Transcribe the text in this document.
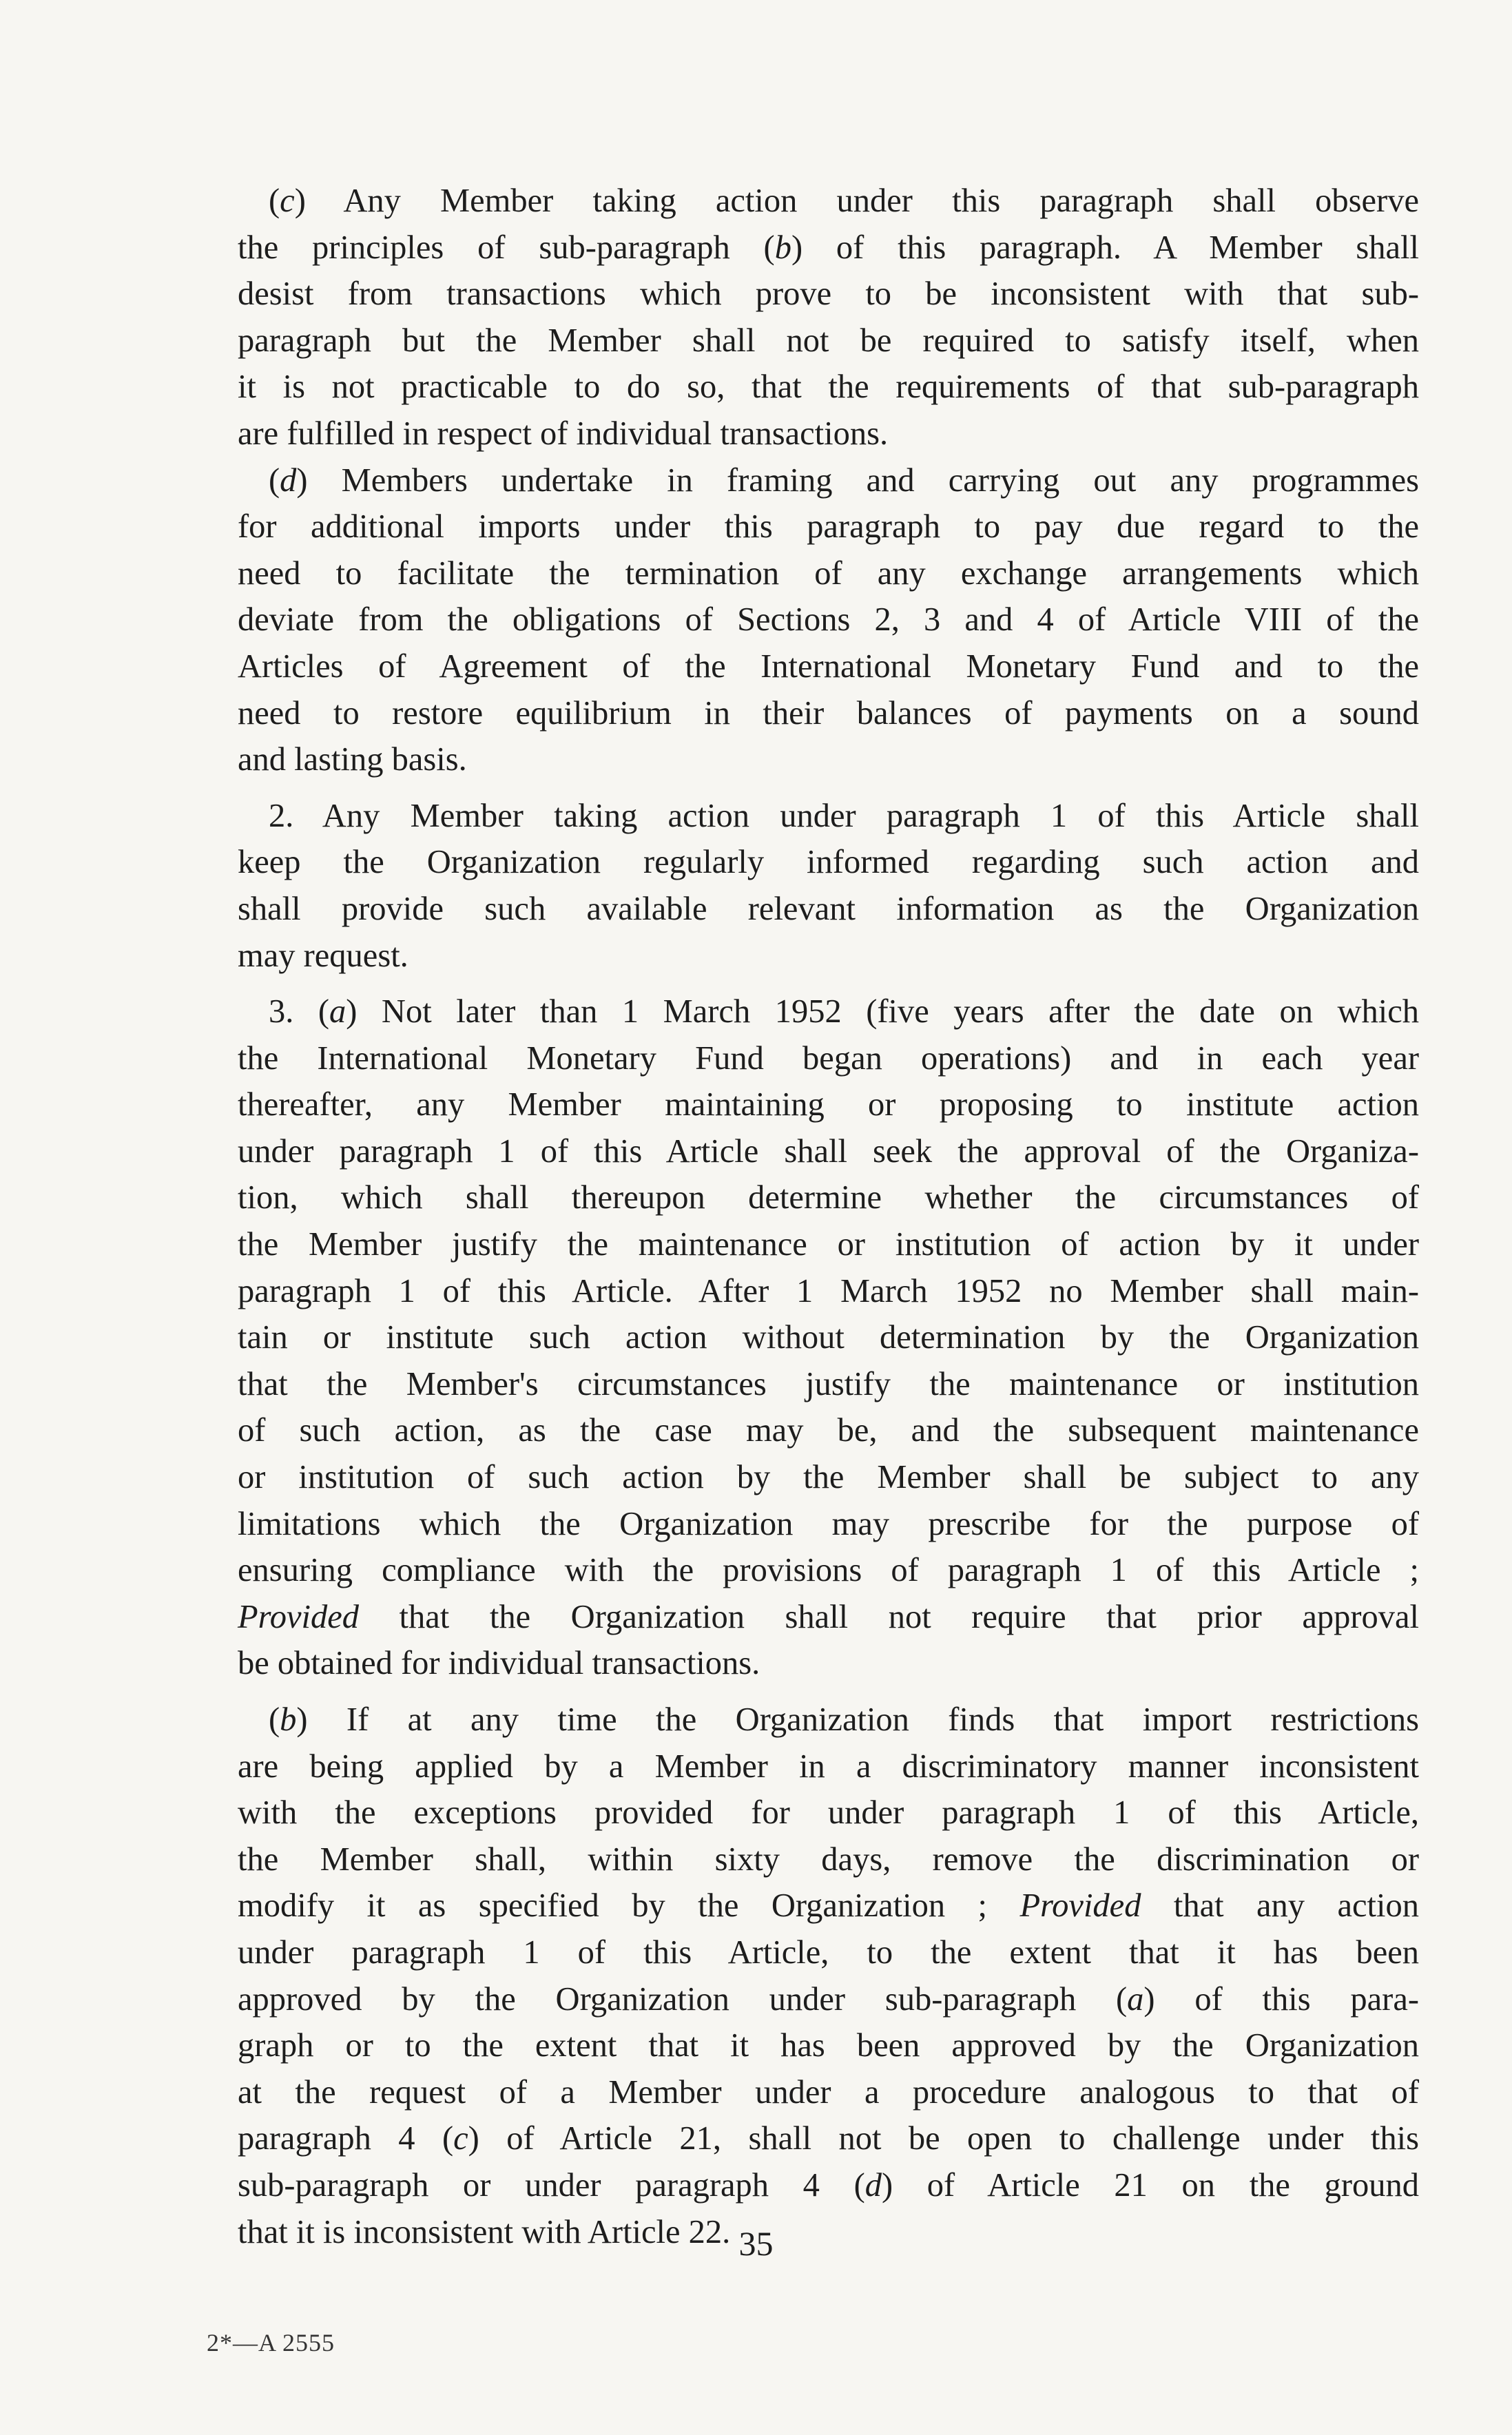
(c) Any Member taking action under this paragraph shall observe
the principles of sub-paragraph (b) of this paragraph. A Member shall
desist from transactions which prove to be inconsistent with that sub-
paragraph but the Member shall not be required to satisfy itself, when
it is not practicable to do so, that the requirements of that sub-paragraph
are fulfilled in respect of individual transactions.
(d) Members undertake in framing and carrying out any programmes
for additional imports under this paragraph to pay due regard to the
need to facilitate the termination of any exchange arrangements which
deviate from the obligations of Sections 2, 3 and 4 of Article VIII of the
Articles of Agreement of the International Monetary Fund and to the
need to restore equilibrium in their balances of payments on a sound
and lasting basis.
2. Any Member taking action under paragraph 1 of this Article shall
keep the Organization regularly informed regarding such action and
shall provide such available relevant information as the Organization
may request.
3. (a) Not later than 1 March 1952 (five years after the date on which
the International Monetary Fund began operations) and in each year
thereafter, any Member maintaining or proposing to institute action
under paragraph 1 of this Article shall seek the approval of the Organiza-
tion, which shall thereupon determine whether the circumstances of
the Member justify the maintenance or institution of action by it under
paragraph 1 of this Article. After 1 March 1952 no Member shall main-
tain or institute such action without determination by the Organization
that the Member's circumstances justify the maintenance or institution
of such action, as the case may be, and the subsequent maintenance
or institution of such action by the Member shall be subject to any
limitations which the Organization may prescribe for the purpose of
ensuring compliance with the provisions of paragraph 1 of this Article ;
Provided that the Organization shall not require that prior approval
be obtained for individual transactions.
(b) If at any time the Organization finds that import restrictions
are being applied by a Member in a discriminatory manner inconsistent
with the exceptions provided for under paragraph 1 of this Article,
the Member shall, within sixty days, remove the discrimination or
modify it as specified by the Organization ; Provided that any action
under paragraph 1 of this Article, to the extent that it has been
approved by the Organization under sub-paragraph (a) of this para-
graph or to the extent that it has been approved by the Organization
at the request of a Member under a procedure analogous to that of
paragraph 4 (c) of Article 21, shall not be open to challenge under this
sub-paragraph or under paragraph 4 (d) of Article 21 on the ground
that it is inconsistent with Article 22. 35
2*—A 2555
